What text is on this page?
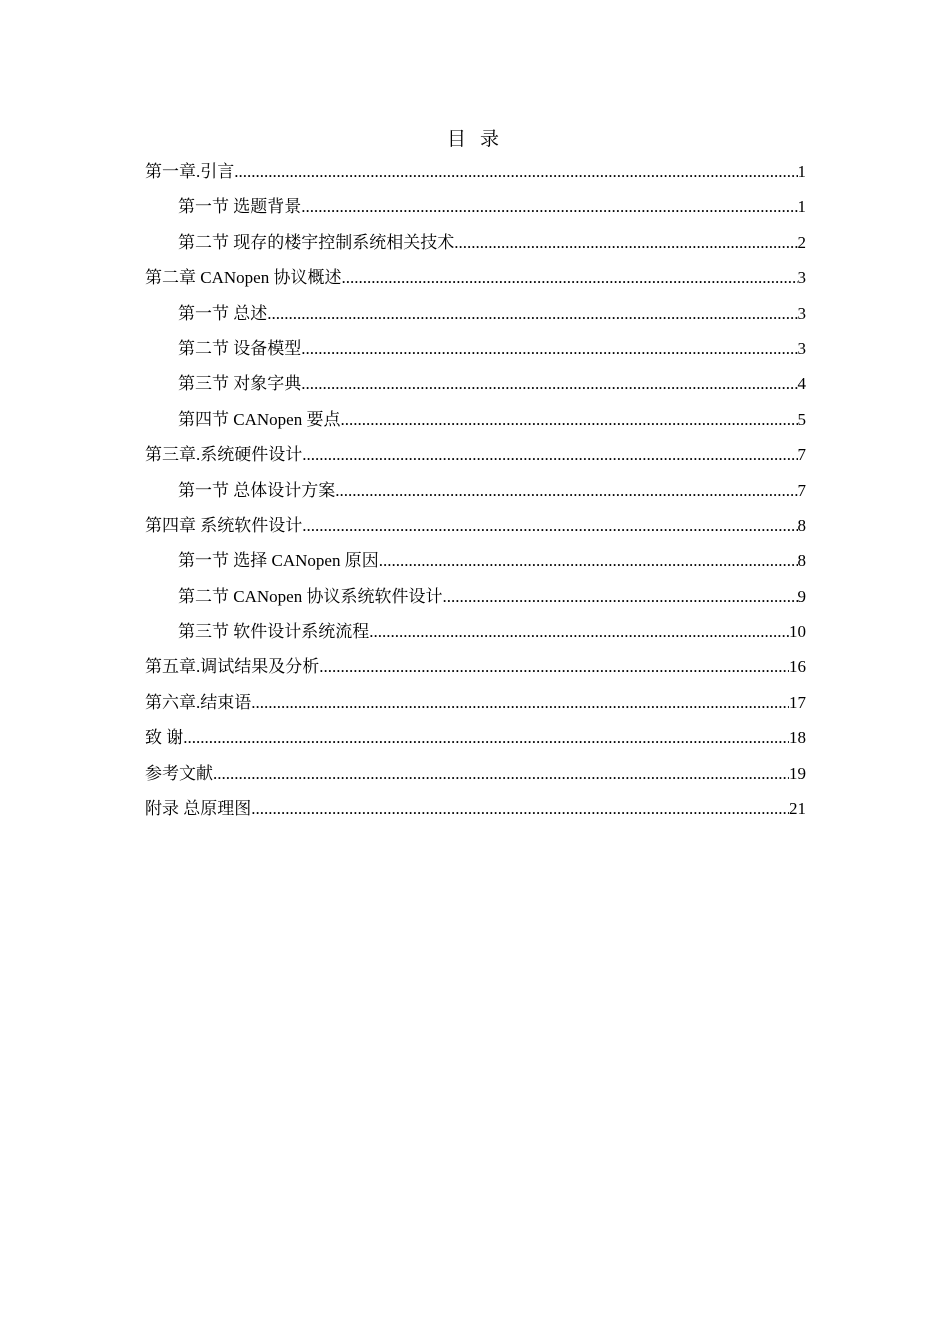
目 录
第一章.引言 .....	1
第一节 选题背景 .....	1
第二节 现存的楼宇控制系统相关技术 .....	2
第二章 CANopen 协议概述 .....	3
第一节 总述 .....	3
第二节 设备模型 .....	3
第三节 对象字典 .....	4
第四节 CANopen 要点 .....	5
第三章.系统硬件设计 .....	7
第一节 总体设计方案 .....	7
第四章 系统软件设计 .....	8
第一节 选择 CANopen 原因 .....	8
第二节 CANopen 协议系统软件设计 .....	9
第三节 软件设计系统流程 .....	10
第五章.调试结果及分析 .....	16
第六章.结束语 .....	17
致 谢 .....	18
参考文献 .....	19
附录 总原理图 .....	21
